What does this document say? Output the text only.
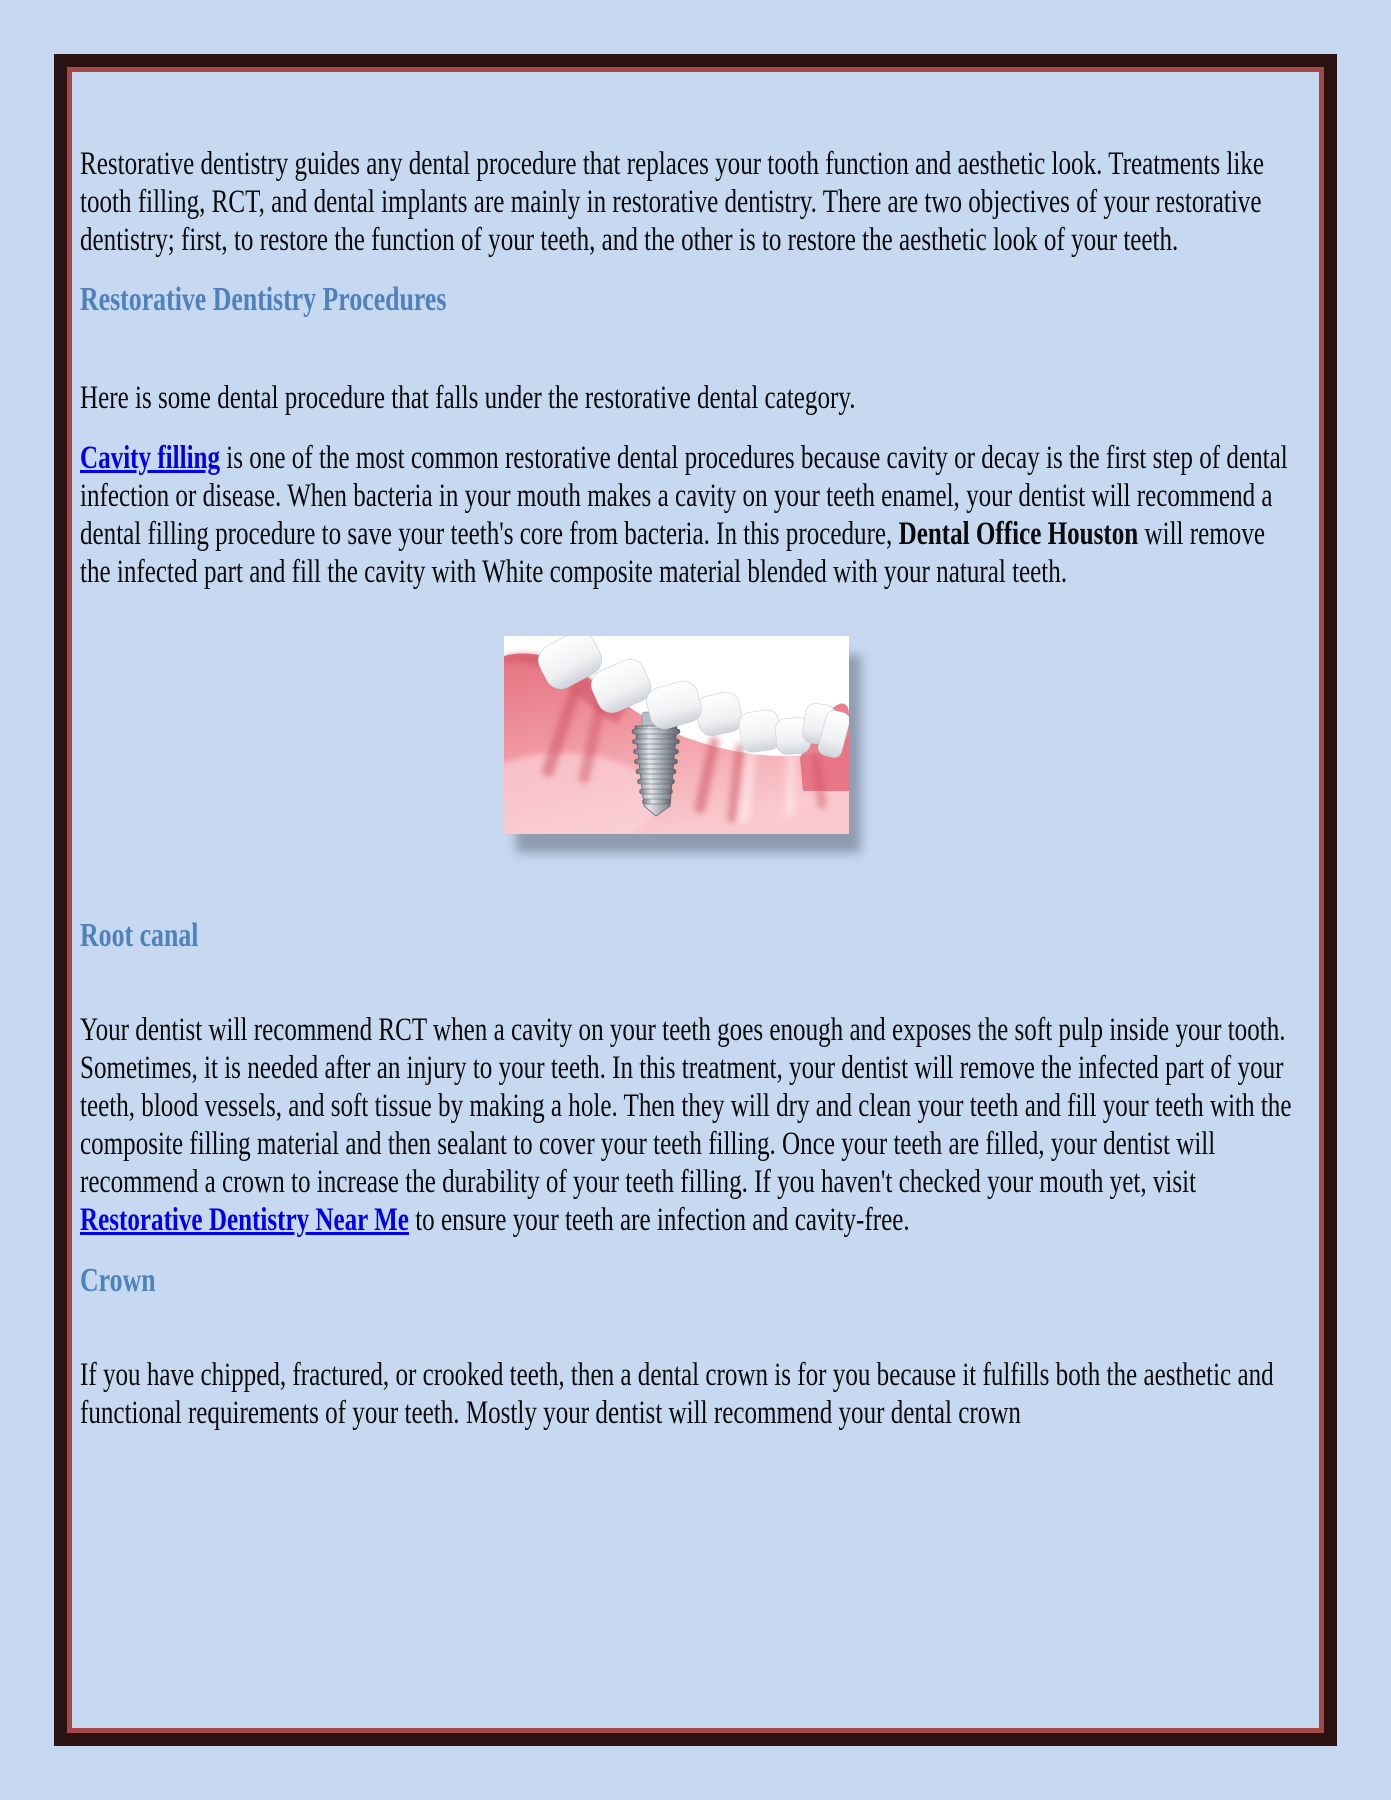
Restorative dentistry guides any dental procedure that replaces your tooth function and aesthetic look. Treatments like tooth filling, RCT, and dental implants are mainly in restorative dentistry. There are two objectives of your restorative dentistry; first, to restore the function of your teeth, and the other is to restore the aesthetic look of your teeth.

Restorative Dentistry Procedures

Here is some dental procedure that falls under the restorative dental category.

Cavity filling is one of the most common restorative dental procedures because cavity or decay is the first step of dental infection or disease. When bacteria in your mouth makes a cavity on your teeth enamel, your dentist will recommend a dental filling procedure to save your teeth's core from bacteria. In this procedure, Dental Office Houston will remove the infected part and fill the cavity with White composite material blended with your natural teeth.

Root canal

Your dentist will recommend RCT when a cavity on your teeth goes enough and exposes the soft pulp inside your tooth. Sometimes, it is needed after an injury to your teeth. In this treatment, your dentist will remove the infected part of your teeth, blood vessels, and soft tissue by making a hole. Then they will dry and clean your teeth and fill your teeth with the composite filling material and then sealant to cover your teeth filling. Once your teeth are filled, your dentist will recommend a crown to increase the durability of your teeth filling. If you haven't checked your mouth yet, visit Restorative Dentistry Near Me to ensure your teeth are infection and cavity-free.

Crown

If you have chipped, fractured, or crooked teeth, then a dental crown is for you because it fulfills both the aesthetic and functional requirements of your teeth. Mostly your dentist will recommend your dental crown
